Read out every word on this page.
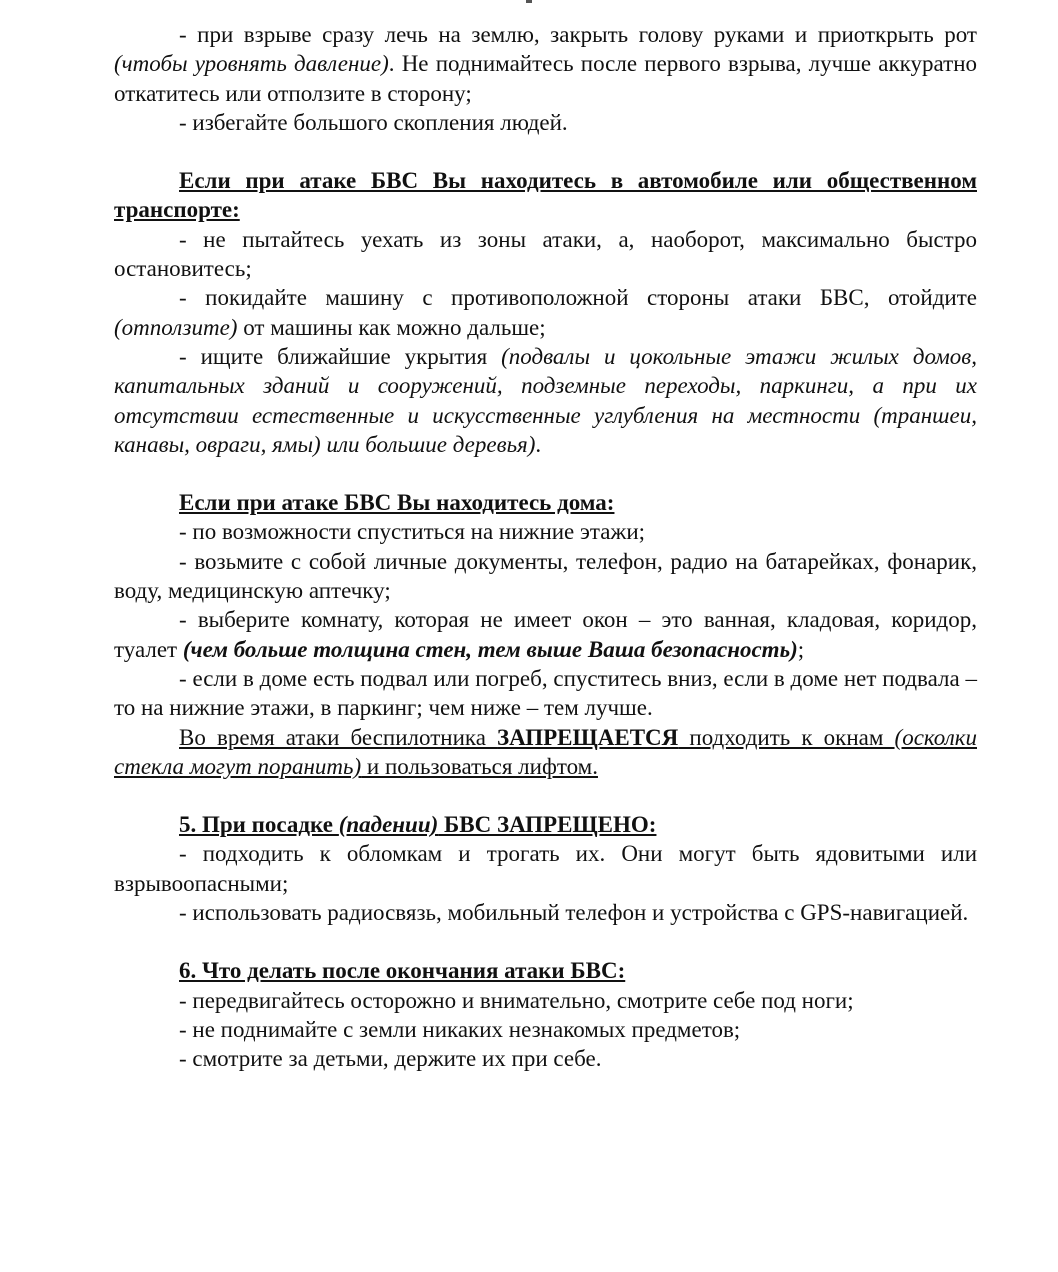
- при взрыве сразу лечь на землю, закрыть голову руками и приоткрыть рот (чтобы уровнять давление). Не поднимайтесь после первого взрыва, лучше аккуратно откатитесь или отползите в сторону;

- избегайте большого скопления людей.

Если при атаке БВС Вы находитесь в автомобиле или общественном транспорте:

- не пытайтесь уехать из зоны атаки, а, наоборот, максимально быстро остановитесь;

- покидайте машину с противоположной стороны атаки БВС, отойдите (отползите) от машины как можно дальше;

- ищите ближайшие укрытия (подвалы и цокольные этажи жилых домов, капитальных зданий и сооружений, подземные переходы, паркинги, а при их отсутствии естественные и искусственные углубления на местности (траншеи, канавы, овраги, ямы) или большие деревья).

Если при атаке БВС Вы находитесь дома:

- по возможности спуститься на нижние этажи;

- возьмите с собой личные документы, телефон, радио на батарейках, фонарик, воду, медицинскую аптечку;

- выберите комнату, которая не имеет окон – это ванная, кладовая, коридор, туалет (чем больше толщина стен, тем выше Ваша безопасность);

- если в доме есть подвал или погреб, спуститесь вниз, если в доме нет подвала – то на нижние этажи, в паркинг; чем ниже – тем лучше.

Во время атаки беспилотника ЗАПРЕЩАЕТСЯ подходить к окнам (осколки стекла могут поранить) и пользоваться лифтом.

5. При посадке (падении) БВС ЗАПРЕЩЕНО:

- подходить к обломкам и трогать их. Они могут быть ядовитыми или взрывоопасными;

- использовать радиосвязь, мобильный телефон и устройства с GPS-навигацией.

6. Что делать после окончания атаки БВС:

- передвигайтесь осторожно и внимательно, смотрите себе под ноги;

- не поднимайте с земли никаких незнакомых предметов;

- смотрите за детьми, держите их при себе.
